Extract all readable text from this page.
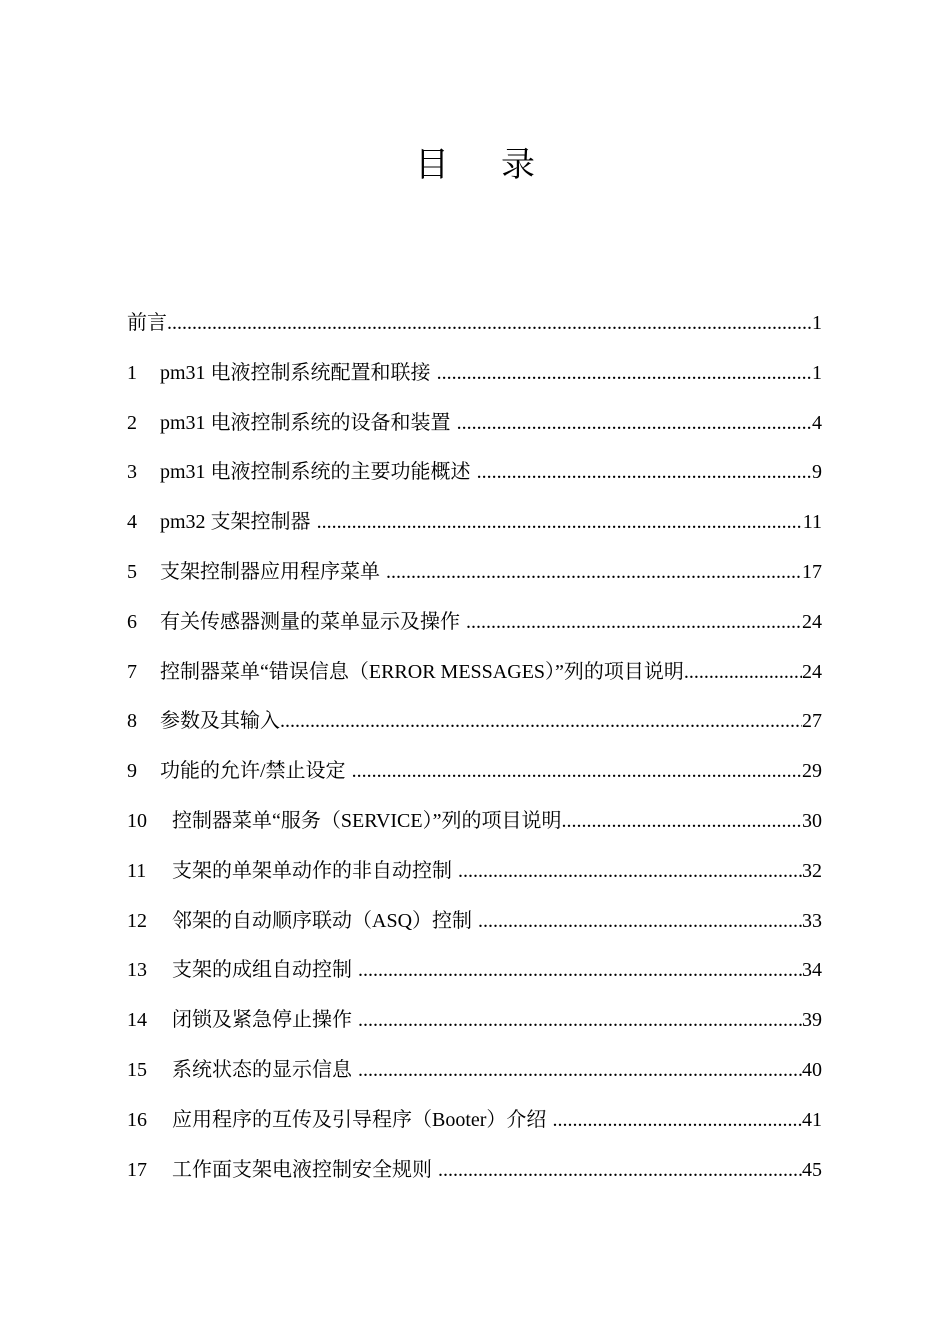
目录
前言 .....	1
1	pm31 电液控制系统配置和联接 .....	1
2	pm31 电液控制系统的设备和装置 .....	4
3	pm31 电液控制系统的主要功能概述 .....	9
4	pm32 支架控制器 .....	11
5	支架控制器应用程序菜单 .....	17
6	有关传感器测量的菜单显示及操作 .....	24
7	控制器菜单“错误信息（ERROR MESSAGES）”列的项目说明 .....	24
8	参数及其输入 .....	27
9	功能的允许/禁止设定 .....	29
10	控制器菜单“服务（SERVICE）”列的项目说明 .....	30
11	支架的单架单动作的非自动控制 .....	32
12	邻架的自动顺序联动（ASQ）控制 .....	33
13	支架的成组自动控制 .....	34
14	闭锁及紧急停止操作 .....	39
15	系统状态的显示信息 .....	40
16	应用程序的互传及引导程序（Booter）介绍 .....	41
17	工作面支架电液控制安全规则 .....	45
